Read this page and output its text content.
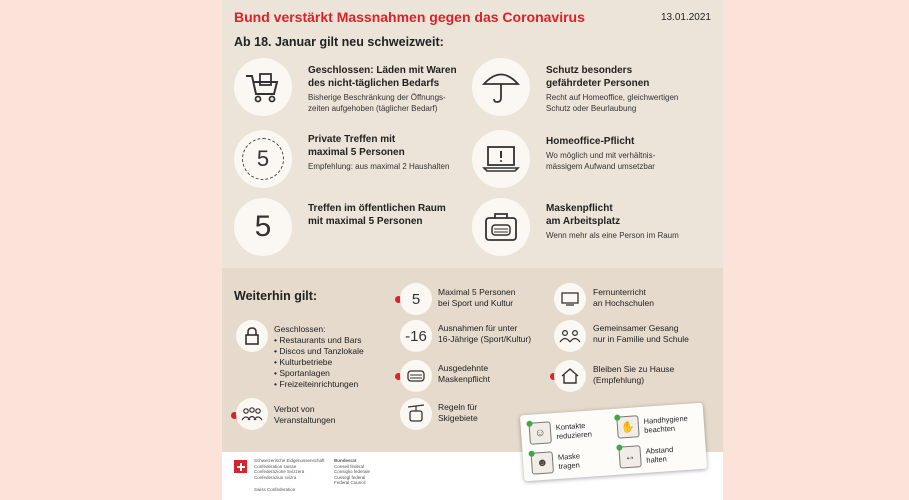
Bund verstärkt Massnahmen gegen das Coronavirus	13.01.2021
Ab 18. Januar gilt neu schweizweit:
Geschlossen: Läden mit Waren
des nicht-täglichen Bedarfs
Bisherige Beschränkung der Öffnungs-
zeiten aufgehoben (täglicher Bedarf)
5
Private Treffen mit
maximal 5 Personen
Empfehlung: aus maximal 2 Haushalten
5
Treffen im öffentlichen Raum
mit maximal 5 Personen
Schutz besonders
gefährdeter Personen
Recht auf Homeoffice, gleichwertigen
Schutz oder Beurlaubung
Homeoffice-Pflicht
Wo möglich und mit verhältnis-
mässigem Aufwand umsetzbar
Maskenpflicht
am Arbeitsplatz
Wenn mehr als eine Person im Raum
Weiterhin gilt:
Geschlossen:
• Restaurants und Bars
• Discos und Tanzlokale
• Kulturbetriebe
• Sportanlagen
• Freizeiteinrichtungen
Verbot von
Veranstaltungen
5 Maximal 5 Personen
bei Sport und Kultur
-16 Ausnahmen für unter
16-Jährige (Sport/Kultur)
Ausgedehnte
Maskenpflicht
Regeln für
Skigebiete
Fernunterricht
an Hochschulen
Gemeinsamer Gesang
nur in Familie und Schule
Bleiben Sie zu Hause
(Empfehlung)
Schweizerische Eidgenossenschaft
Confédération suisse
Confederazione Svizzera
Confederaziun svizra
Swiss Confederation
Bundesrat
Conseil fédéral
Consiglio federale
Cussegl federal
Federal Council
☺
Kontakte
reduzieren
✋
Handhygiene
beachten
☻	Maske
tragen
↔
Abstand
halten
